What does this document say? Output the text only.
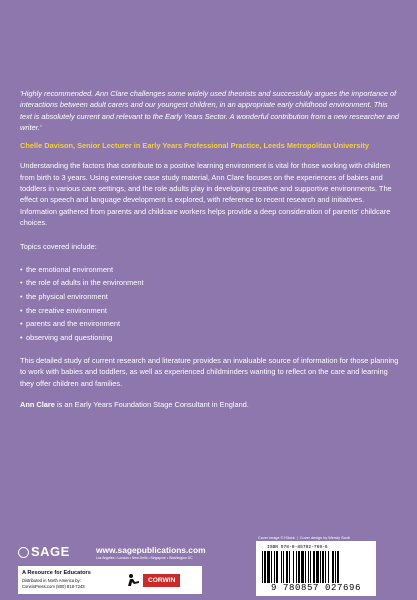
'Highly recommended. Ann Clare challenges some widely used theorists and successfully argues the importance of interactions between adult carers and our youngest children, in an appropriate early childhood environment. This text is absolutely current and relevant to the Early Years Sector. A wonderful contribution from a new researcher and writer.'

Chelle Davison, Senior Lecturer in Early Years Professional Practice, Leeds Metropolitan University

Understanding the factors that contribute to a positive learning environment is vital for those working with children from birth to 3 years. Using extensive case study material, Ann Clare focuses on the experiences of babies and toddlers in various care settings, and the role adults play in developing creative and supportive environments. The effect on speech and language development is explored, with reference to recent research and initiatives. Information gathered from parents and childcare workers helps provide a deep consideration of parents' childcare choices.

Topics covered include:

• the emotional environment
• the role of adults in the environment
• the physical environment
• the creative environment
• parents and the environment
• observing and questioning

This detailed study of current research and literature provides an invaluable source of information for those planning to work with babies and toddlers, as well as experienced childminders wanting to reflect on the care and learning they offer children and families.

Ann Clare is an Early Years Foundation Stage Consultant in England.

Cover image © iStock | Cover design by Wendy Scott
SAGE	www.sagepublications.com
Los Angeles • London • New Delhi • Singapore • Washington DC
A Resource for Educators
Distributed in North America by:
CorwinPress.com (800) 818-7243
CORWIN
9 780857 027696
ISBN 978-0-85702-769-6
